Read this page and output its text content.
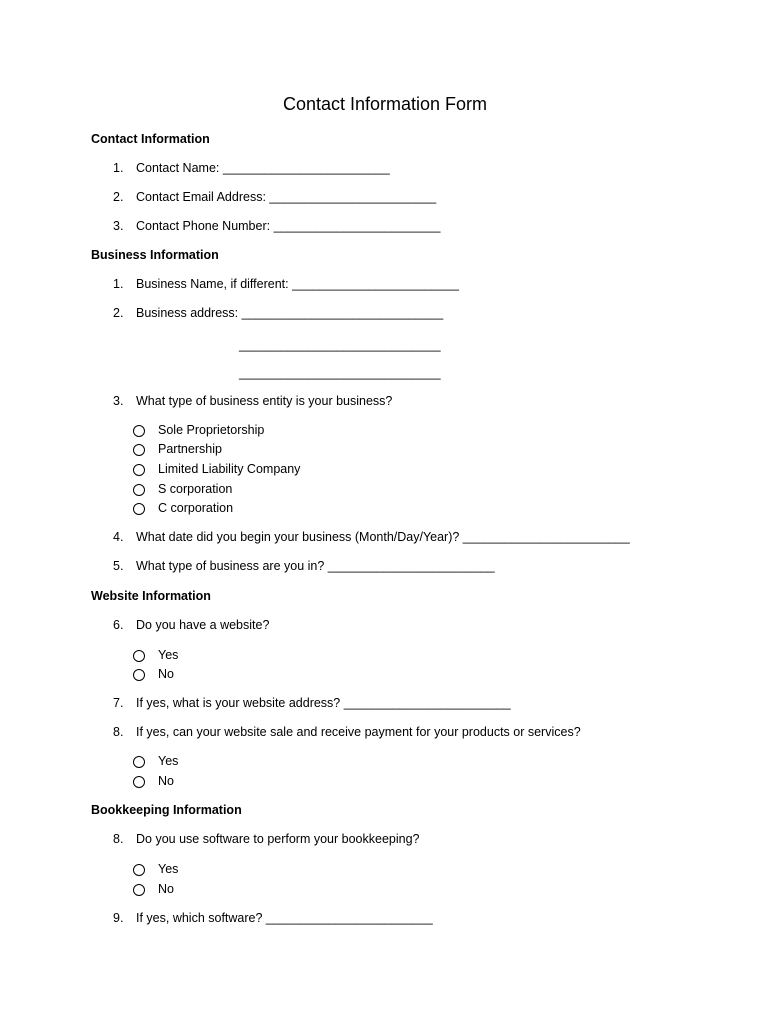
Contact Information Form
Contact Information
1. Contact Name: ________________________
2. Contact Email Address: ________________________
3. Contact Phone Number: ________________________
Business Information
1. Business Name, if different: ________________________
2. Business address: _____________________________
_____________________________
_____________________________
3. What type of business entity is your business?
Sole Proprietorship
Partnership
Limited Liability Company
S corporation
C corporation
4. What date did you begin your business (Month/Day/Year)? ________________________
5. What type of business are you in? ________________________
Website Information
6. Do you have a website?
Yes
No
7. If yes, what is your website address? ________________________
8. If yes, can your website sale and receive payment for your products or services?
Yes
No
Bookkeeping Information
8. Do you use software to perform your bookkeeping?
Yes
No
9. If yes, which software? ________________________
